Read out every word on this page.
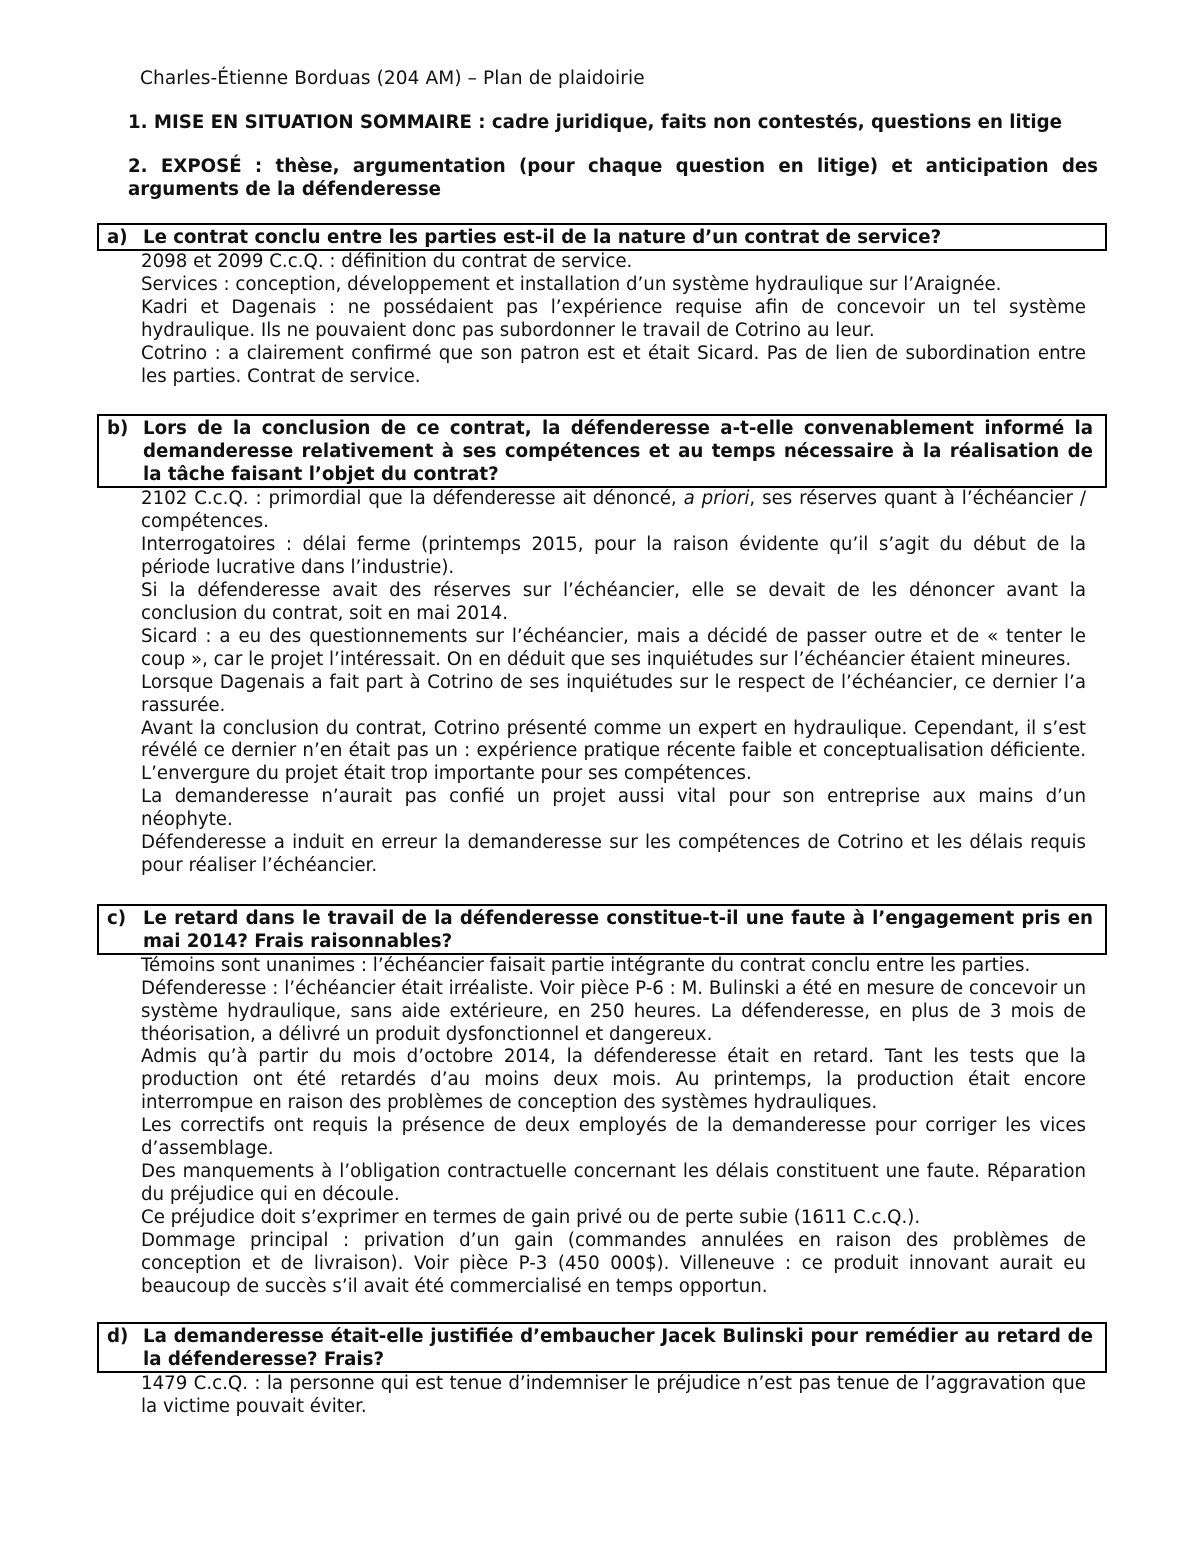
Charles-Étienne Borduas (204 AM) – Plan de plaidoirie
1. MISE EN SITUATION SOMMAIRE : cadre juridique, faits non contestés, questions en litige
2. EXPOSÉ : thèse, argumentation (pour chaque question en litige) et anticipation des arguments de la défenderesse
a) Le contrat conclu entre les parties est-il de la nature d’un contrat de service?

2098 et 2099 C.c.Q. : définition du contrat de service.

Services : conception, développement et installation d’un système hydraulique sur l’Araignée.

Kadri et Dagenais : ne possédaient pas l’expérience requise afin de concevoir un tel système hydraulique. Ils ne pouvaient donc pas subordonner le travail de Cotrino au leur.

Cotrino : a clairement confirmé que son patron est et était Sicard. Pas de lien de subordination entre les parties. Contrat de service.

b) Lors de la conclusion de ce contrat, la défenderesse a-t-elle convenablement informé la demanderesse relativement à ses compétences et au temps nécessaire à la réalisation de la tâche faisant l’objet du contrat?

2102 C.c.Q. : primordial que la défenderesse ait dénoncé, a priori, ses réserves quant à l’échéancier / compétences.

Interrogatoires : délai ferme (printemps 2015, pour la raison évidente qu’il s’agit du début de la période lucrative dans l’industrie).

Si la défenderesse avait des réserves sur l’échéancier, elle se devait de les dénoncer avant la conclusion du contrat, soit en mai 2014.

Sicard : a eu des questionnements sur l’échéancier, mais a décidé de passer outre et de « tenter le coup », car le projet l’intéressait. On en déduit que ses inquiétudes sur l’échéancier étaient mineures.

Lorsque Dagenais a fait part à Cotrino de ses inquiétudes sur le respect de l’échéancier, ce dernier l’a rassurée.

Avant la conclusion du contrat, Cotrino présenté comme un expert en hydraulique. Cependant, il s’est révélé ce dernier n’en était pas un : expérience pratique récente faible et conceptualisation déficiente. L’envergure du projet était trop importante pour ses compétences.

La demanderesse n’aurait pas confié un projet aussi vital pour son entreprise aux mains d’un néophyte.

Défenderesse a induit en erreur la demanderesse sur les compétences de Cotrino et les délais requis pour réaliser l’échéancier.

c) Le retard dans le travail de la défenderesse constitue-t-il une faute à l’engagement pris en mai 2014? Frais raisonnables?

Témoins sont unanimes : l’échéancier faisait partie intégrante du contrat conclu entre les parties.

Défenderesse : l’échéancier était irréaliste. Voir pièce P-6 : M. Bulinski a été en mesure de concevoir un système hydraulique, sans aide extérieure, en 250 heures. La défenderesse, en plus de 3 mois de théorisation, a délivré un produit dysfonctionnel et dangereux.

Admis qu’à partir du mois d’octobre 2014, la défenderesse était en retard. Tant les tests que la production ont été retardés d’au moins deux mois. Au printemps, la production était encore interrompue en raison des problèmes de conception des systèmes hydrauliques.

Les correctifs ont requis la présence de deux employés de la demanderesse pour corriger les vices d’assemblage.

Des manquements à l’obligation contractuelle concernant les délais constituent une faute. Réparation du préjudice qui en découle.

Ce préjudice doit s’exprimer en termes de gain privé ou de perte subie (1611 C.c.Q.).

Dommage principal : privation d’un gain (commandes annulées en raison des problèmes de conception et de livraison). Voir pièce P-3 (450 000$). Villeneuve : ce produit innovant aurait eu beaucoup de succès s’il avait été commercialisé en temps opportun.

d) La demanderesse était-elle justifiée d’embaucher Jacek Bulinski pour remédier au retard de la défenderesse? Frais?

1479 C.c.Q. : la personne qui est tenue d’indemniser le préjudice n’est pas tenue de l’aggravation que la victime pouvait éviter.
